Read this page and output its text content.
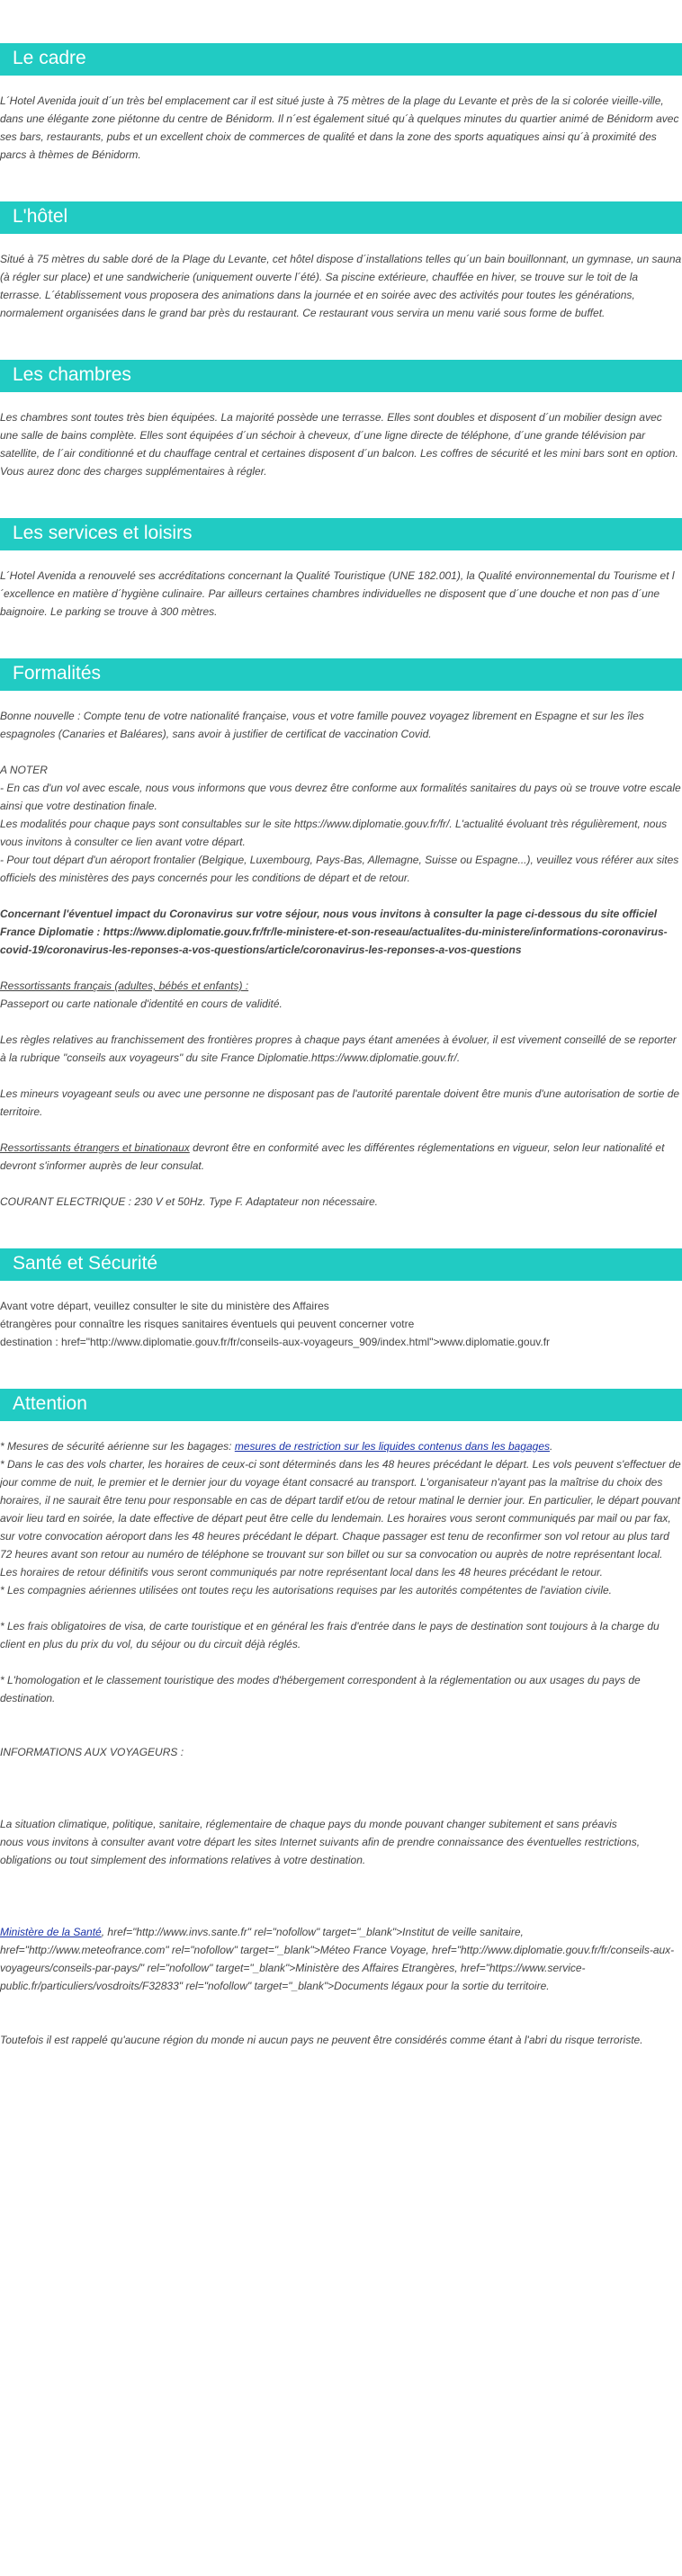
Le cadre

L´Hotel Avenida jouit d´un très bel emplacement car il est situé juste à 75 mètres de la plage du Levante et près de la si colorée vieille-ville, dans une élégante zone piétonne du centre de Bénidorm. Il n´est également situé qu´à quelques minutes du quartier animé de Bénidorm avec ses bars, restaurants, pubs et un excellent choix de commerces de qualité et dans la zone des sports aquatiques ainsi qu´à proximité des parcs à thèmes de Bénidorm.

L'hôtel

Situé à 75 mètres du sable doré de la Plage du Levante, cet hôtel dispose d´installations telles qu´un bain bouillonnant, un gymnase, un sauna (à régler sur place) et une sandwicherie (uniquement ouverte l´été). Sa piscine extérieure, chauffée en hiver, se trouve sur le toit de la terrasse. L´établissement vous proposera des animations dans la journée et en soirée avec des activités pour toutes les générations, normalement organisées dans le grand bar près du restaurant. Ce restaurant vous servira un menu varié sous forme de buffet.

Les chambres

Les chambres sont toutes très bien équipées. La majorité possède une terrasse. Elles sont doubles et disposent d´un mobilier design avec une salle de bains complète. Elles sont équipées d´un séchoir à cheveux, d´une ligne directe de téléphone, d´une grande télévision par satellite, de l´air conditionné et du chauffage central et certaines disposent d´un balcon. Les coffres de sécurité et les mini bars sont en option. Vous aurez donc des charges supplémentaires à régler.

Les services et loisirs

L´Hotel Avenida a renouvelé ses accréditations concernant la Qualité Touristique (UNE 182.001), la Qualité environnemental du Tourisme et l´excellence en matière d´hygiène culinaire. Par ailleurs certaines chambres individuelles ne disposent que d´une douche et non pas d´une baignoire. Le parking se trouve à 300 mètres.

Formalités

Bonne nouvelle : Compte tenu de votre nationalité française, vous et votre famille pouvez voyagez librement en Espagne et sur les îles espagnoles (Canaries et Baléares), sans avoir à justifier de certificat de vaccination Covid.

A NOTER

- En cas d'un vol avec escale, nous vous informons que vous devrez être conforme aux formalités sanitaires du pays où se trouve votre escale ainsi que votre destination finale.

Les modalités pour chaque pays sont consultables sur le site https://www.diplomatie.gouv.fr/fr/. L'actualité évoluant très régulièrement, nous vous invitons à consulter ce lien avant votre départ.

- Pour tout départ d'un aéroport frontalier (Belgique, Luxembourg, Pays-Bas, Allemagne, Suisse ou Espagne...), veuillez vous référer aux sites officiels des ministères des pays concernés pour les conditions de départ et de retour.

Concernant l'éventuel impact du Coronavirus sur votre séjour, nous vous invitons à consulter la page ci-dessous du site officiel France Diplomatie : https://www.diplomatie.gouv.fr/fr/le-ministere-et-son-reseau/actualites-du-ministere/informations-coronavirus-covid-19/coronavirus-les-reponses-a-vos-questions/article/coronavirus-les-reponses-a-vos-questions

Ressortissants français (adultes, bébés et enfants) :

Passeport ou carte nationale d'identité en cours de validité.

Les règles relatives au franchissement des frontières propres à chaque pays étant amenées à évoluer, il est vivement conseillé de se reporter à la rubrique "conseils aux voyageurs" du site France Diplomatie.https://www.diplomatie.gouv.fr/.

Les mineurs voyageant seuls ou avec une personne ne disposant pas de l'autorité parentale doivent être munis d'une autorisation de sortie de territoire.

Ressortissants étrangers et binationaux devront être en conformité avec les différentes réglementations en vigueur, selon leur nationalité et devront s'informer auprès de leur consulat.

COURANT ELECTRIQUE : 230 V et 50Hz. Type F. Adaptateur non nécessaire.

Santé et Sécurité

Avant votre départ, veuillez consulter le site du ministère des Affaires

étrangères pour connaître les risques sanitaires éventuels qui peuvent concerner votre

destination : href="http://www.diplomatie.gouv.fr/fr/conseils-aux-voyageurs_909/index.html">www.diplomatie.gouv.fr

Attention

* Mesures de sécurité aérienne sur les bagages: mesures de restriction sur les liquides contenus dans les bagages.

* Dans le cas des vols charter, les horaires de ceux-ci sont déterminés dans les 48 heures précédant le départ. Les vols peuvent s'effectuer de jour comme de nuit, le premier et le dernier jour du voyage étant consacré au transport. L'organisateur n'ayant pas la maîtrise du choix des horaires, il ne saurait être tenu pour responsable en cas de départ tardif et/ou de retour matinal le dernier jour. En particulier, le départ pouvant avoir lieu tard en soirée, la date effective de départ peut être celle du lendemain. Les horaires vous seront communiqués par mail ou par fax, sur votre convocation aéroport dans les 48 heures précédant le départ. Chaque passager est tenu de reconfirmer son vol retour au plus tard 72 heures avant son retour au numéro de téléphone se trouvant sur son billet ou sur sa convocation ou auprès de notre représentant local. Les horaires de retour définitifs vous seront communiqués par notre représentant local dans les 48 heures précédant le retour.

* Les compagnies aériennes utilisées ont toutes reçu les autorisations requises par les autorités compétentes de l'aviation civile.

* Les frais obligatoires de visa, de carte touristique et en général les frais d'entrée dans le pays de destination sont toujours à la charge du client en plus du prix du vol, du séjour ou du circuit déjà réglés.

* L'homologation et le classement touristique des modes d'hébergement correspondent à la réglementation ou aux usages du pays de destination.

INFORMATIONS AUX VOYAGEURS :

La situation climatique, politique, sanitaire, réglementaire de chaque pays du monde pouvant changer subitement et sans préavis

nous vous invitons à consulter avant votre départ les sites Internet suivants afin de prendre connaissance des éventuelles restrictions, obligations ou tout simplement des informations relatives à votre destination.

Ministère de la Santé, href="http://www.invs.sante.fr" rel="nofollow" target="_blank">Institut de veille sanitaire, href="http://www.meteofrance.com" rel="nofollow" target="_blank">Méteo France Voyage, href="http://www.diplomatie.gouv.fr/fr/conseils-aux-voyageurs/conseils-par-pays/" rel="nofollow" target="_blank">Ministère des Affaires Etrangères, href="https://www.service-public.fr/particuliers/vosdroits/F32833" rel="nofollow" target="_blank">Documents légaux pour la sortie du territoire.

Toutefois il est rappelé qu'aucune région du monde ni aucun pays ne peuvent être considérés comme étant à l'abri du risque terroriste.
